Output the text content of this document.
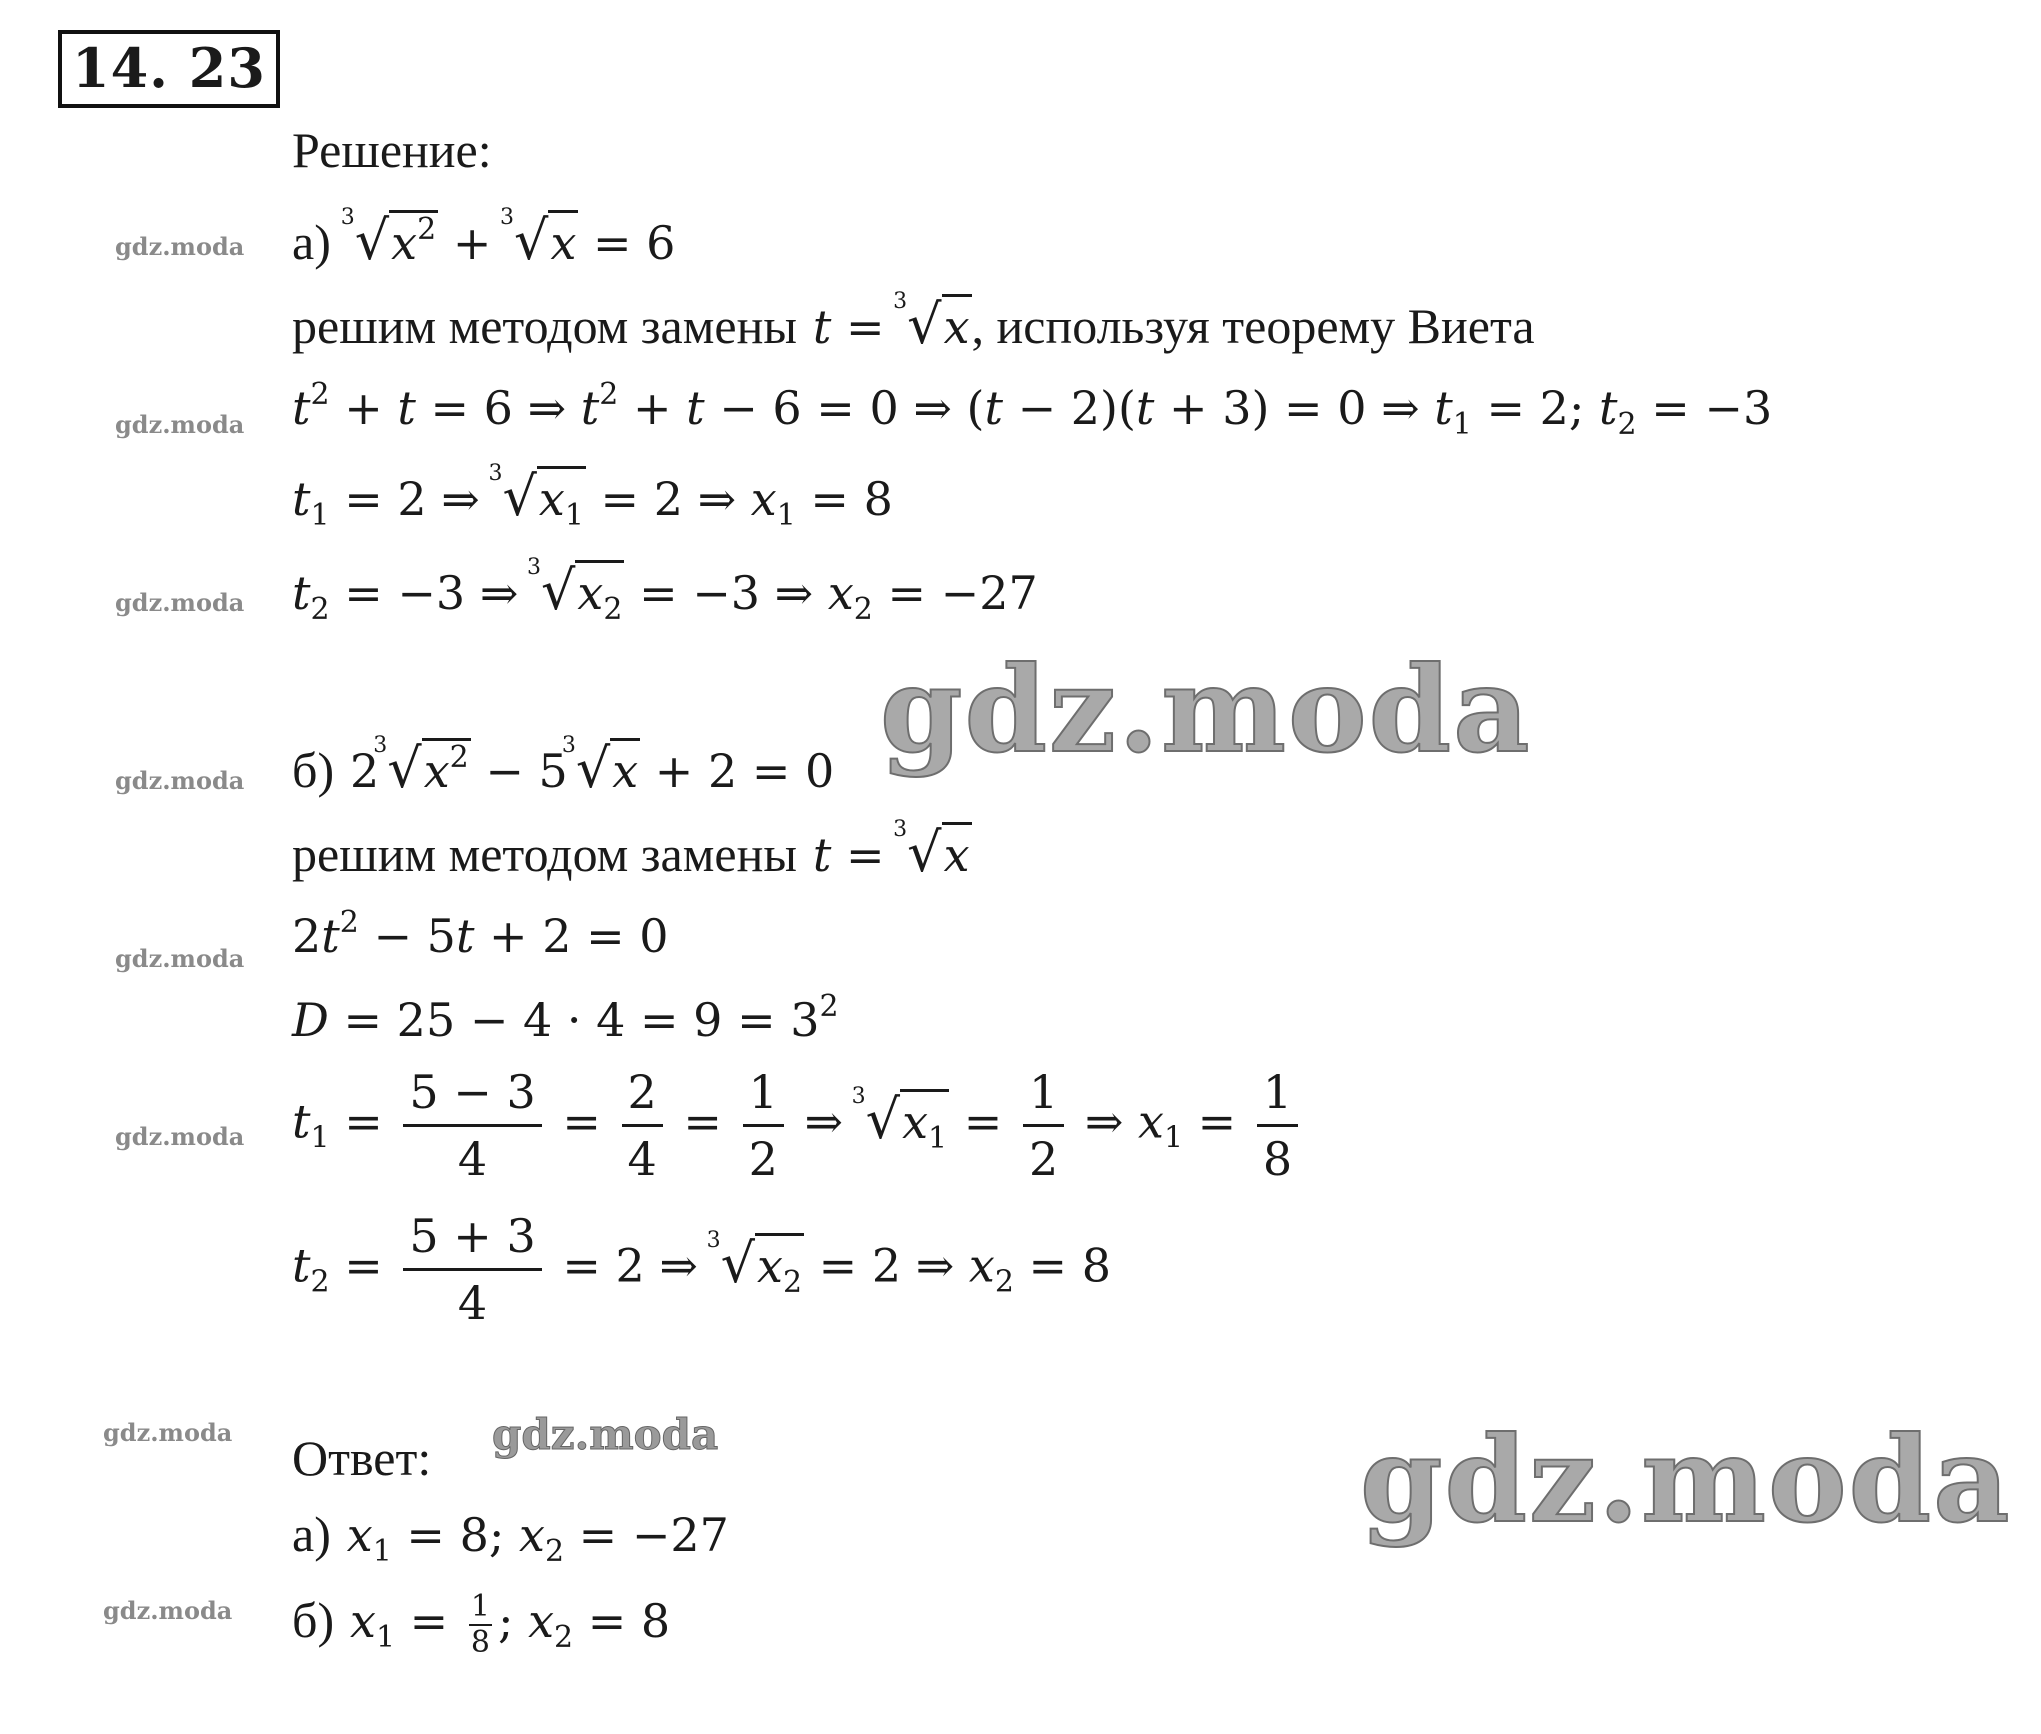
14. 23
gdz.moda
gdz.moda
gdz.moda
gdz.moda
gdz.moda
gdz.moda
gdz.moda
gdz.moda
gdz.moda
gdz.moda
gdz.moda
Решение:
а) 3 $√x^2$ +
3 √x = 6
решим методом замены t =
3 √x, используя теорему Виета
$t^2 + t = 6$ ⇒ $t^2 + t - 6 = 0$ ⇒ (t − 2)(t + 3) = 0 ⇒ $t_1 = 2$; $t_2 = -3$
$t_1 = 2$ ⇒
3 $√x_1 = 2$ ⇒ $x_1 = 8$
$t_2 = -3$ ⇒
3 $√x_2 = -3$ ⇒ $x_2 = -27$
б) 2
3 $√x^2 - 5$
3 √x + 2 = 0
решим методом замены t =
3 √x
$2t^2 - 5t + 2 = 0$
$D = 25 - 4 \cdot 4 = 9 = 3^2$
$t_1 = \frac{5 - 3}{4} = \frac{2}{4} = \frac{1}{2}$ ⇒
3 $√x_1 = \frac{1}{2}$ ⇒ $x_1 = \frac{1}{8}$
$t_2 = \frac{5 + 3}{4} = 2$ ⇒
3 $√x_2 = 2$ ⇒ $x_2 = 8$
Ответ:
а) $x_1 = 8$; $x_2 = -27$
б) $x_1 = \frac{1}{8}$ ; $x_2 = 8$
